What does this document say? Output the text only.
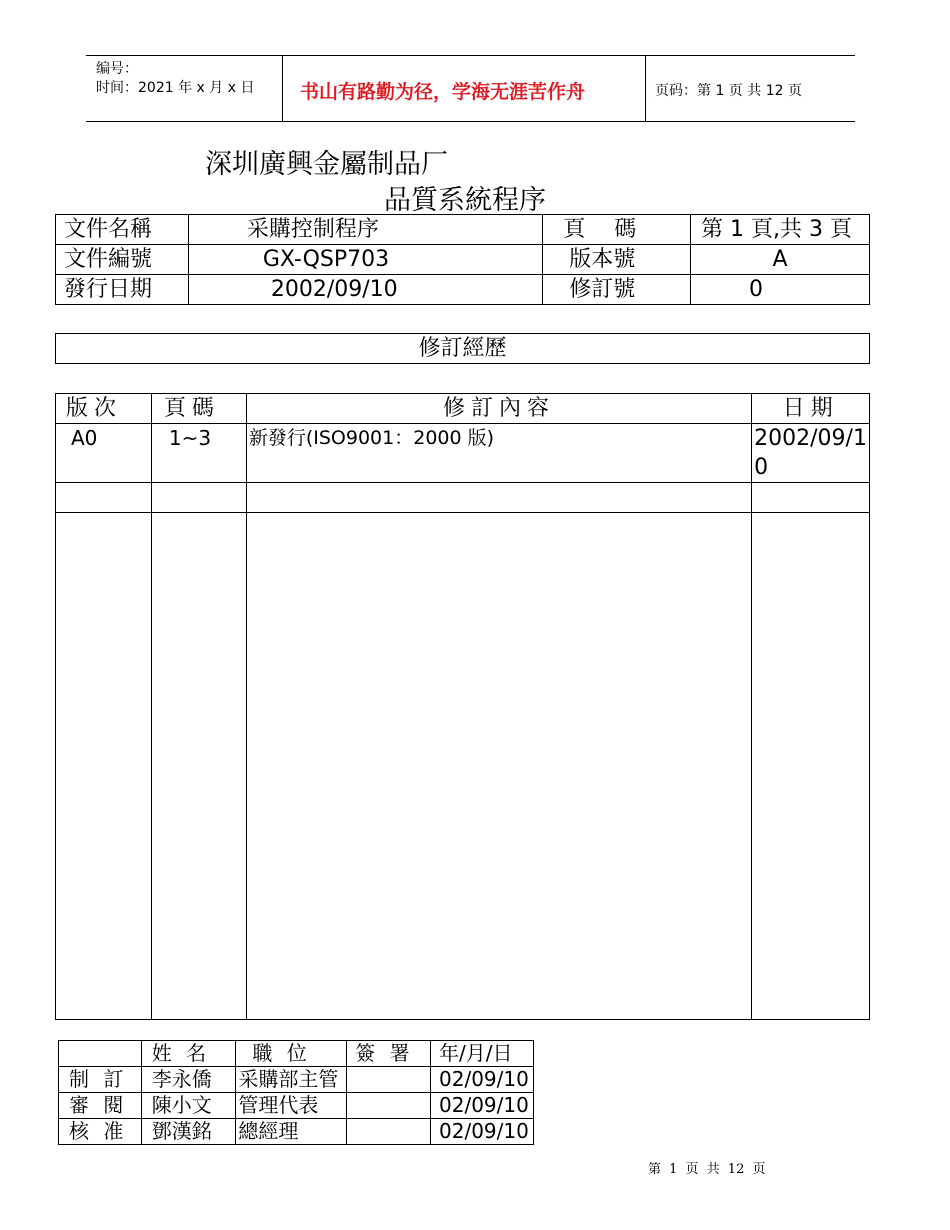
编号：
时间：2021 年 x 月 x 日 书山有路勤为径，学海无涯苦作舟	页码：第 1 页 共 12 页
深圳廣興金屬制品厂
品質系統程序
文件名稱	采購控制程序	頁　 碼	第 1 頁,共 3 頁
文件編號	GX-QSP703	版本號	A
發行日期	2002/09/10	修訂號	0
修訂經歷
版次	頁碼	修訂內容	日期
A0	1~3	新發行(ISO9001：2000 版)	2002/09/10

	姓 名	職 位	簽 署	年/月/日
制 訂	李永僑	采購部主管		02/09/10
審 閱	陳小文	管理代表		02/09/10
核 准	鄧漢銘	總經理		02/09/10
第 1 页 共 12 页
